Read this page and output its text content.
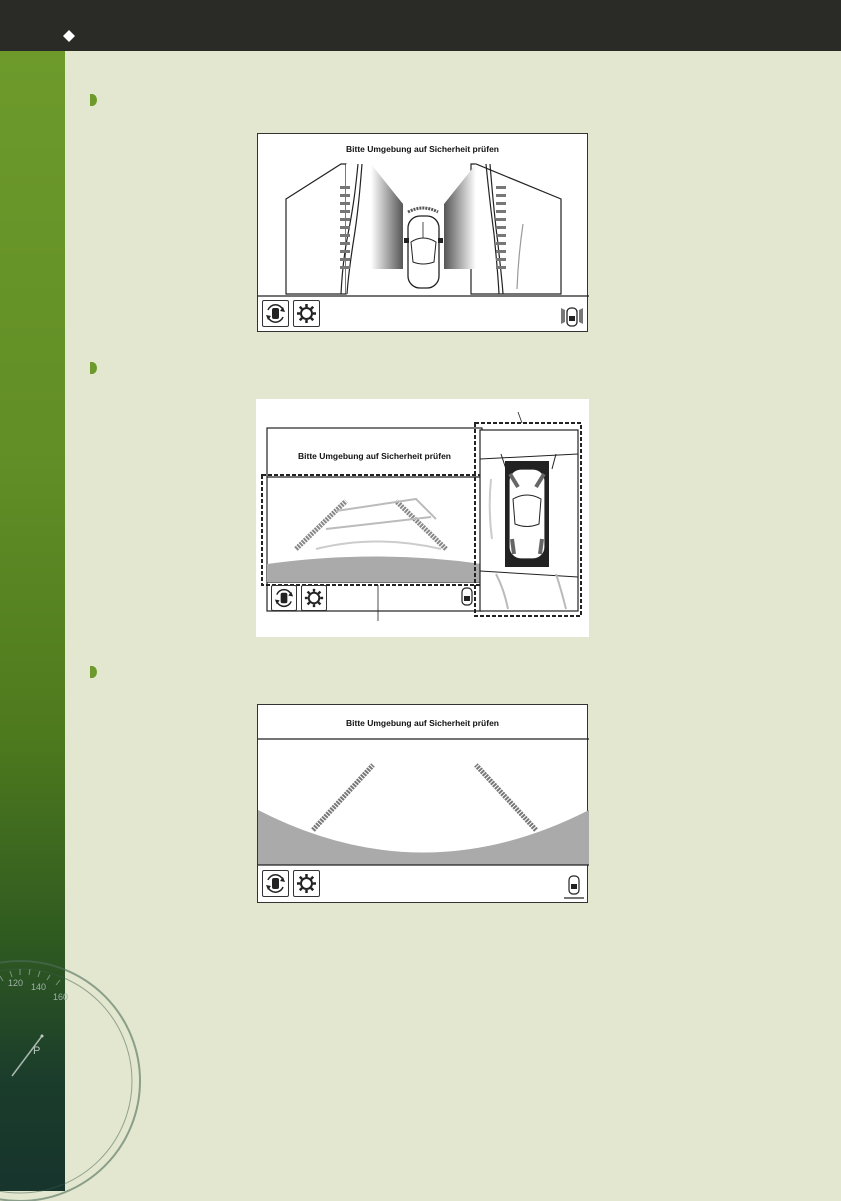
120 140
160
P
Bitte Umgebung auf Sicherheit prüfen
Bitte Umgebung auf Sicherheit prüfen
Bitte Umgebung auf Sicherheit prüfen
